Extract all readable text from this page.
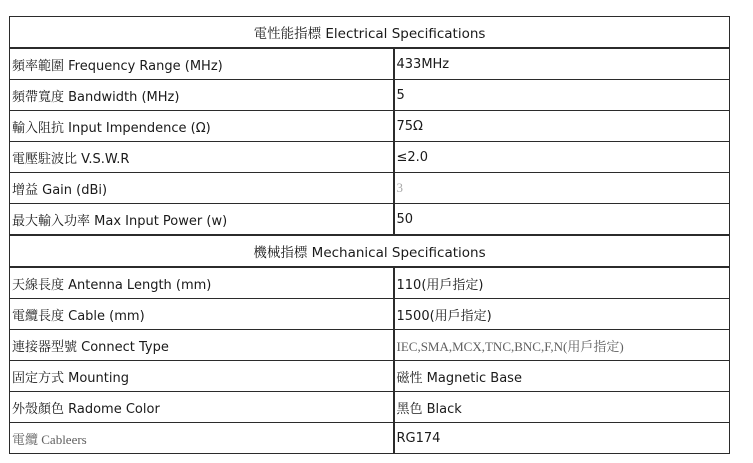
電性能指標 Electrical Specifications	
頻率範圍 Frequency Range (MHz)	433MHz
頻帶寬度 Bandwidth (MHz)	5
輸入阻抗 Input Impendence (Ω)	75Ω
電壓駐波比 V.S.W.R	≤2.0
增益 Gain (dBi)	3
最大輸入功率 Max Input Power (w)	50
機械指標 Mechanical Specifications	
天線長度 Antenna Length (mm)	110(用戶指定)
電纜長度 Cable (mm)	1500(用戶指定)
連接器型號 Connect Type	IEC,SMA,MCX,TNC,BNC,F,N(用戶指定)
固定方式 Mounting	磁性 Magnetic Base
外殼顏色 Radome Color	黑色 Black
電纜 Cableers	RG174
